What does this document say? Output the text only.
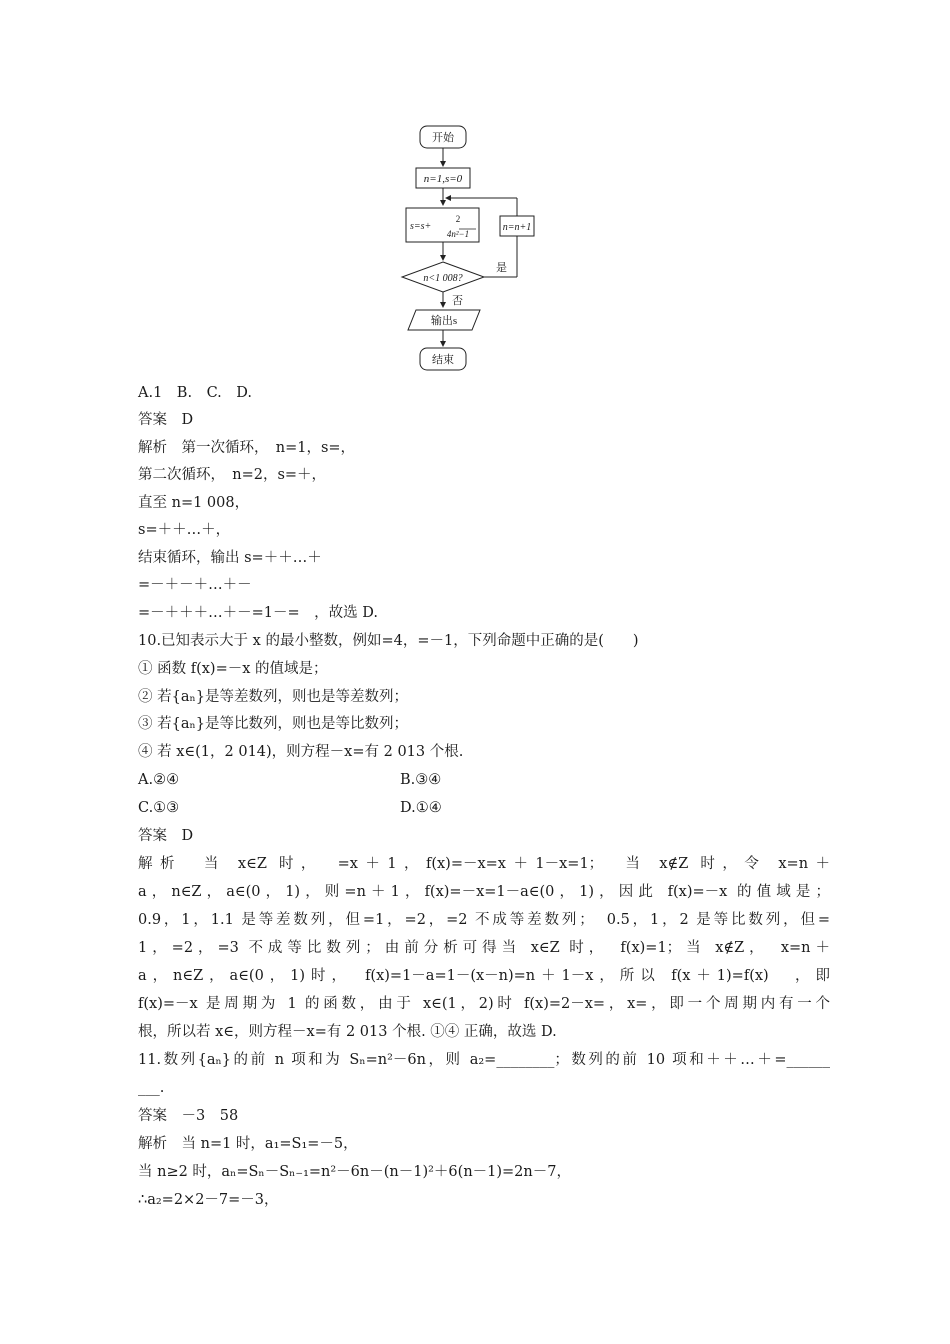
开始
n=1,s=0
s=s+
2
4n²−1
n=n+1
n<1 008?
是
否
输出s
结束
A.1　B.　C.　D.
答案　D
解析　第一次循环，　n=1，s=，
第二次循环，　n=2，s=＋，
直至 n=1 008，
s=＋＋…＋，
结束循环，输出 s=＋＋…＋
=－＋－＋…＋－
=－＋＋＋…＋－=1－=　，故选 D.
10.已知表示大于 x 的最小整数，例如=4，=－1，下列命题中正确的是(　　)
① 函数 f(x)=－x 的值域是；
② 若{aₙ}是等差数列，则也是等差数列；
③ 若{aₙ}是等比数列，则也是等比数列；
④ 若 x∈(1，2 014)，则方程－x=有 2 013 个根.
A.②④	B.③④
C.①③	D.①④
答案　D
解析　当 x∈Z 时，　=x＋1，f(x)=－x=x＋1－x=1；　当 x∉Z 时，令 x=n＋
a，n∈Z，a∈(0，1)，则=n＋1，f(x)=－x=1－a∈(0，1)，因此 f(x)=－x 的值域是；
0.9，1，1.1 是等差数列，但=1，=2，=2 不成等差数列；　0.5，1，2 是等比数列，但=
1，=2，=3 不成等比数列；由前分析可得当 x∈Z 时，　f(x)=1；当 x∉Z，　x=n＋
a，n∈Z，a∈(0，1)时，　f(x)=1－a=1－(x－n)=n＋1－x，所以 f(x＋1)=f(x)　，即
f(x)=－x 是周期为 1 的函数，由于 x∈(1，2)时 f(x)=2－x=，x=，即一个周期内有一个
根，所以若 x∈，则方程－x=有 2 013 个根. ①④ 正确，故选 D.
11.数列{aₙ}的前 n 项和为 Sₙ=n²－6n，则 a₂=________；数列的前 10 项和＋＋…＋=______
___.
答案　－3　58
解析　当 n=1 时，a₁=S₁=－5，
当 n≥2 时，aₙ=Sₙ－Sₙ₋₁=n²－6n－(n－1)²＋6(n－1)=2n－7，
∴a₂=2×2－7=－3，
